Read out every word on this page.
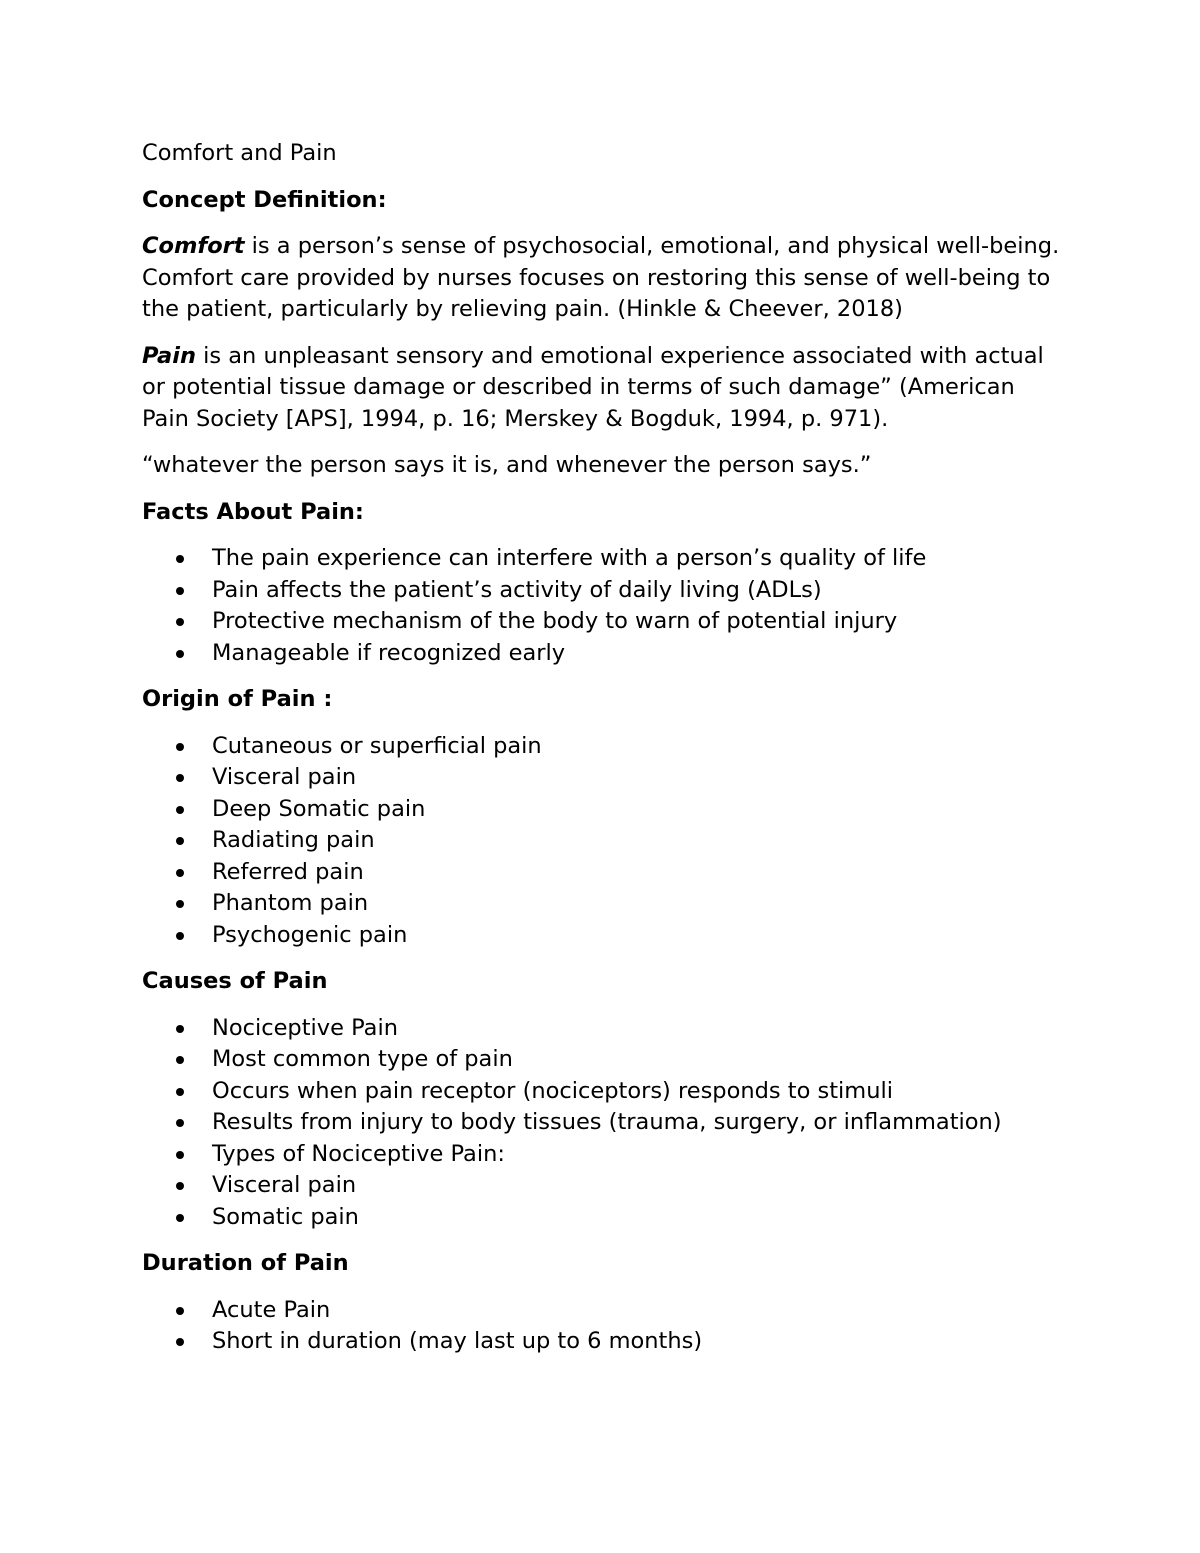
Comfort and Pain

Concept Definition:

Comfort is a person’s sense of psychosocial, emotional, and physical well-being. Comfort care provided by nurses focuses on restoring this sense of well-being to the patient, particularly by relieving pain. (Hinkle & Cheever, 2018)

Pain is an unpleasant sensory and emotional experience associated with actual or potential tissue damage or described in terms of such damage” (American Pain Society [APS], 1994, p. 16; Merskey & Bogduk, 1994, p. 971).

“whatever the person says it is, and whenever the person says.”

Facts About Pain:

The pain experience can interfere with a person’s quality of life
Pain affects the patient’s activity of daily living (ADLs)
Protective mechanism of the body to warn of potential injury
Manageable if recognized early

Origin of Pain :

Cutaneous or superficial pain
Visceral pain
Deep Somatic pain
Radiating pain
Referred pain
Phantom pain
Psychogenic pain

Causes of Pain

Nociceptive Pain
Most common type of pain
Occurs when pain receptor (nociceptors) responds to stimuli
Results from injury to body tissues (trauma, surgery, or inflammation)
Types of Nociceptive Pain:
Visceral pain
Somatic pain

Duration of Pain

Acute Pain
Short in duration (may last up to 6 months)
